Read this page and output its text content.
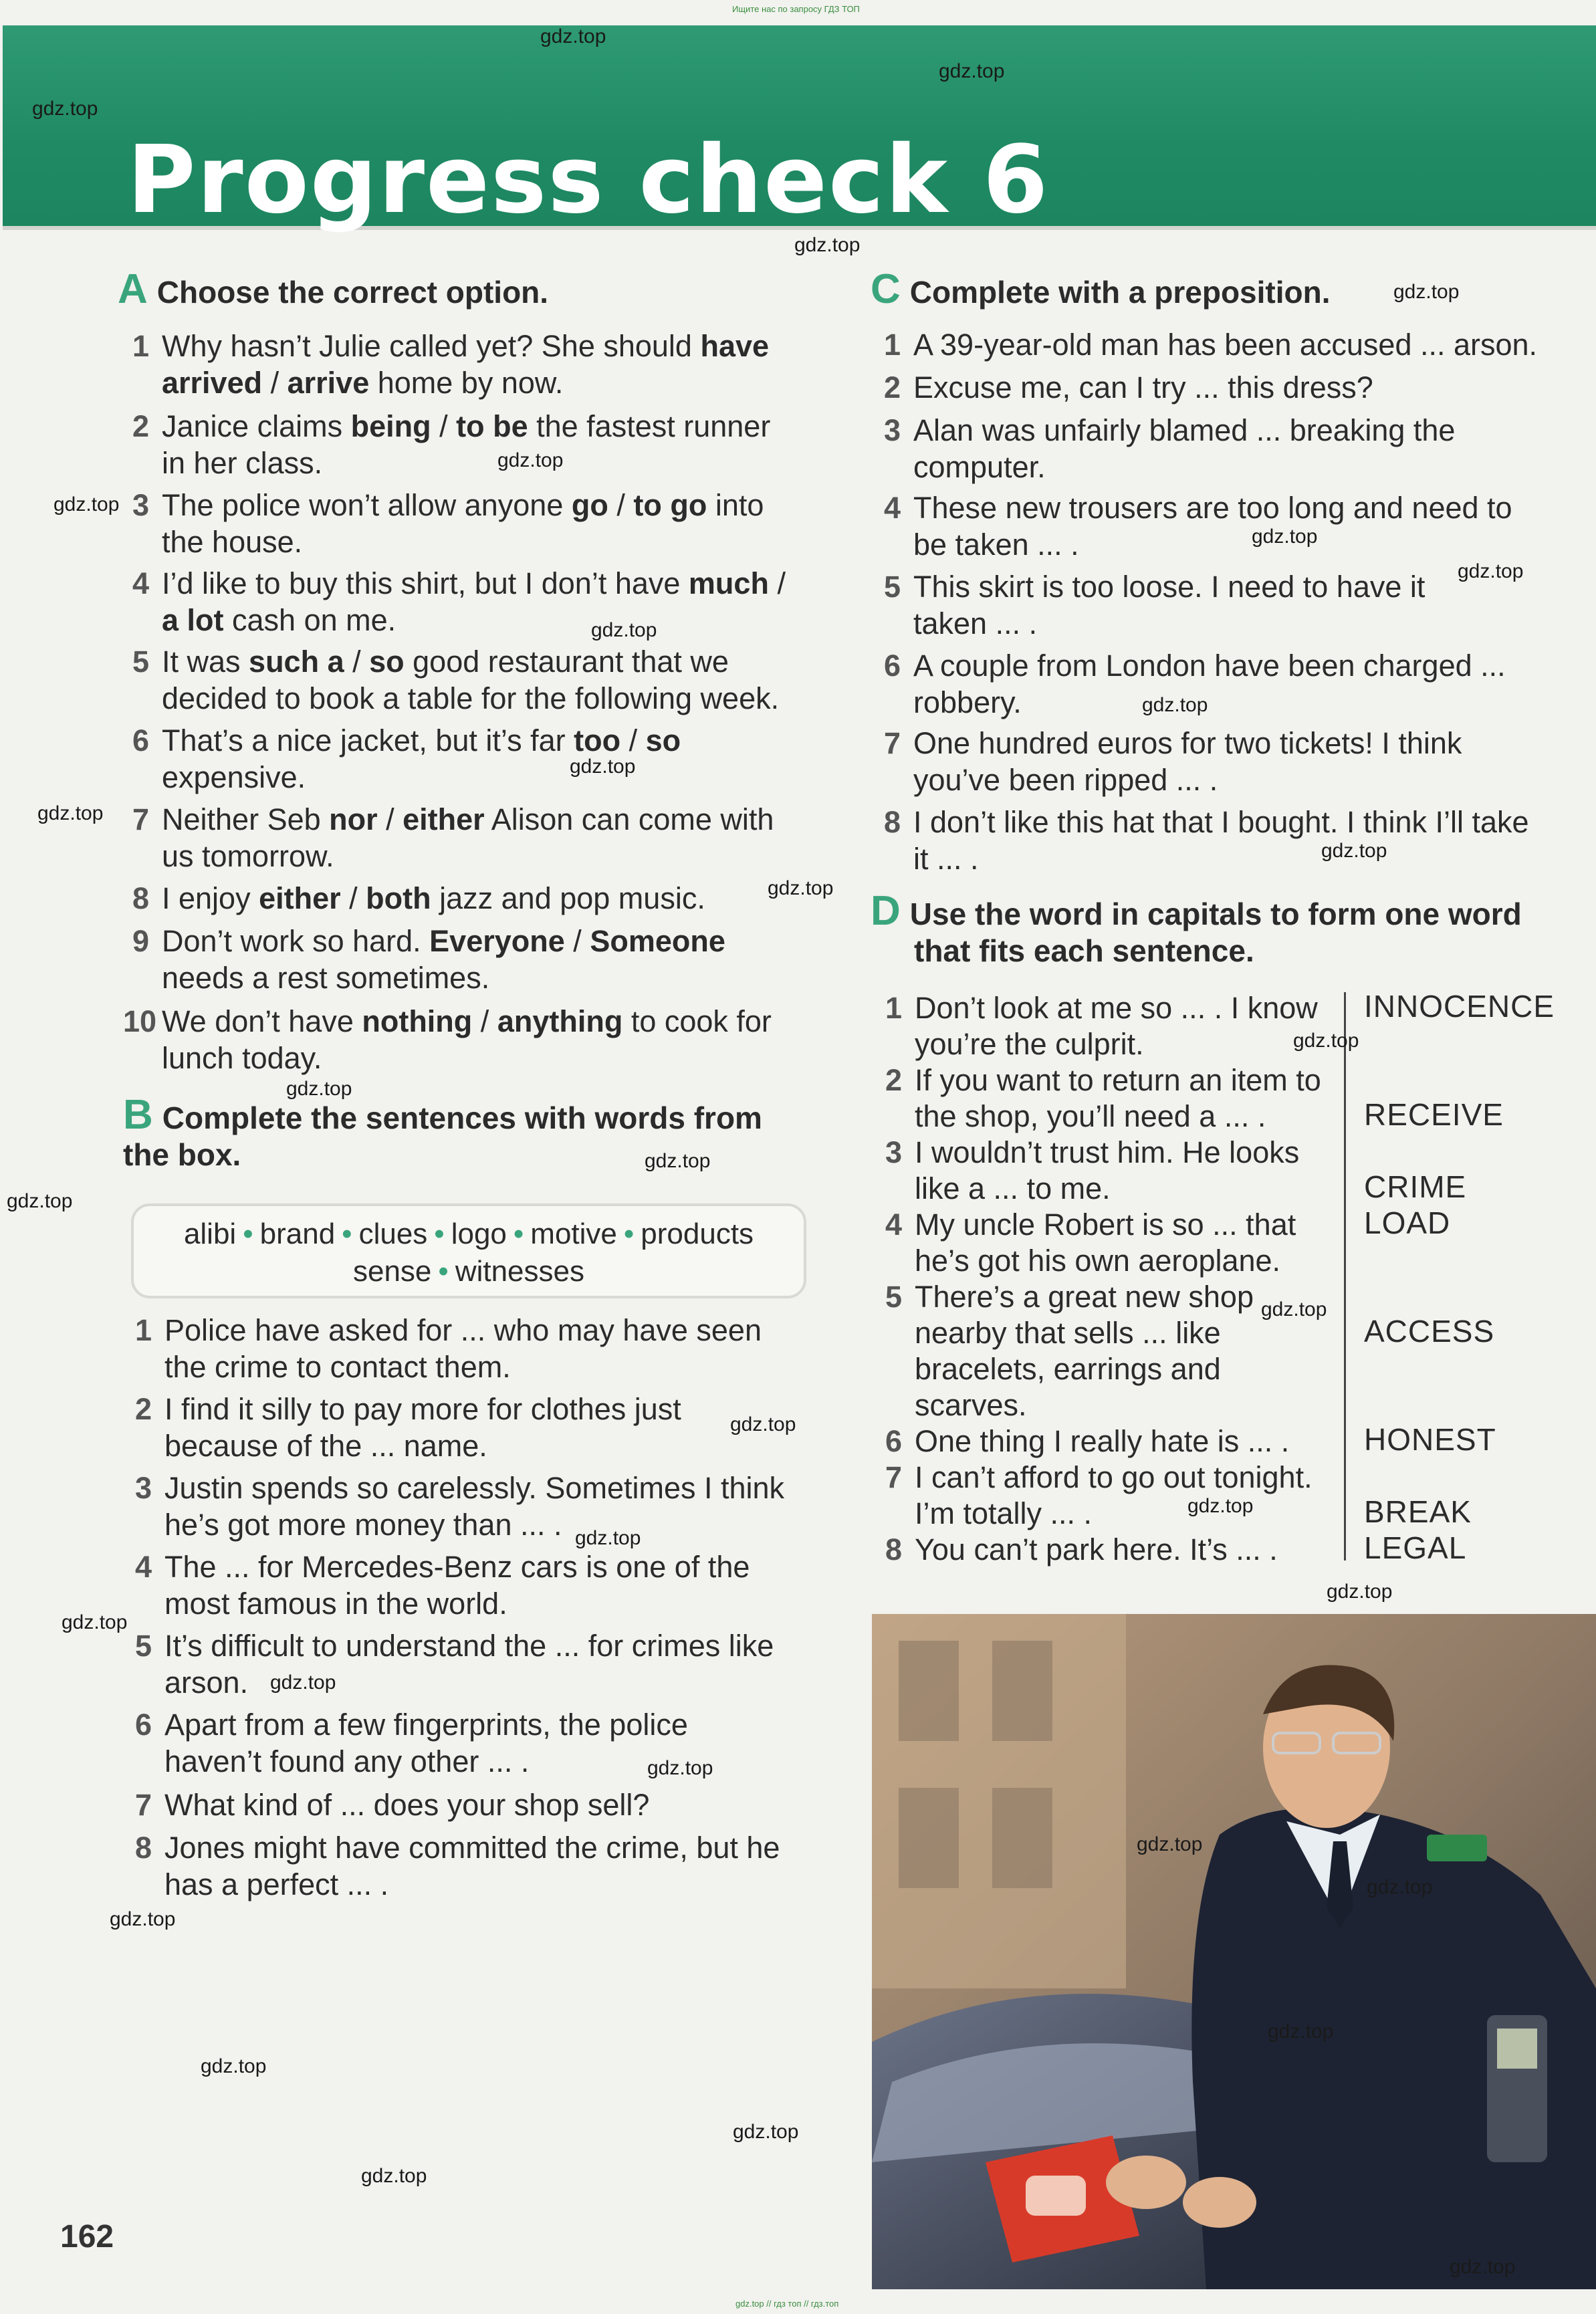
Ищите нас по запросу ГДЗ ТОП
Progress check 6
A Choose the correct option.
1 Why hasn’t Julie called yet? She should have
arrived / arrive home by now.
2 Janice claims being / to be the fastest runner
in her class.
3 The police won’t allow anyone go / to go into
the house.
4 I’d like to buy this shirt, but I don’t have much /
a lot cash on me.
5 It was such a / so good restaurant that we
decided to book a table for the following week.
6 That’s a nice jacket, but it’s far too / so
expensive.
7 Neither Seb nor / either Alison can come with
us tomorrow.
8 I enjoy either / both jazz and pop music.
9 Don’t work so hard. Everyone / Someone
needs a rest sometimes.
10 We don’t have nothing / anything to cook for
lunch today.
B Complete the sentences with words from
the box.
alibi • brand • clues • logo • motive • products
sense • witnesses
1 Police have asked for ... who may have seen
the crime to contact them.
2 I find it silly to pay more for clothes just
because of the ... name.
3 Justin spends so carelessly. Sometimes I think
he’s got more money than ... .
4 The ... for Mercedes-Benz cars is one of the
most famous in the world.
5 It’s difficult to understand the ... for crimes like
arson.
6 Apart from a few fingerprints, the police
haven’t found any other ... .
7 What kind of ... does your shop sell?
8 Jones might have committed the crime, but he
has a perfect ... .
C Complete with a preposition.
1 A 39-year-old man has been accused ... arson.
2 Excuse me, can I try ... this dress?
3 Alan was unfairly blamed ... breaking the
computer.
4 These new trousers are too long and need to
be taken ... .
5 This skirt is too loose. I need to have it
taken ... .
6 A couple from London have been charged ...
robbery.
7 One hundred euros for two tickets! I think
you’ve been ripped ... .
8 I don’t like this hat that I bought. I think I’ll take
it ... .
D Use the word in capitals to form one word
that fits each sentence.
1 Don’t look at me so ... . I know
you’re the culprit.
2 If you want to return an item to
the shop, you’ll need a ... .
3 I wouldn’t trust him. He looks
like a ... to me.
4 My uncle Robert is so ... that
he’s got his own aeroplane.
5 There’s a great new shop
nearby that sells ... like
bracelets, earrings and
scarves.
6 One thing I really hate is ... .
7 I can’t afford to go out tonight.
I’m totally ... .
8 You can’t park here. It’s ... .
INNOCENCE
RECEIVE
CRIME
LOAD
ACCESS
HONEST
BREAK
LEGAL
162
gdz.top
gdz.top
gdz.top
gdz.top
gdz.top
gdz.top
gdz.top
gdz.top
gdz.top
gdz.top
gdz.top
gdz.top
gdz.top
gdz.top
gdz.top
gdz.top
gdz.top
gdz.top
gdz.top
gdz.top
gdz.top
gdz.top
gdz.top
gdz.top
gdz.top
gdz.top
gdz.top
gdz.top
gdz.top
gdz.top
gdz.top
gdz.top
gdz.top
gdz.top
gdz.top
gdz.top // гдз топ // гдз.топ
